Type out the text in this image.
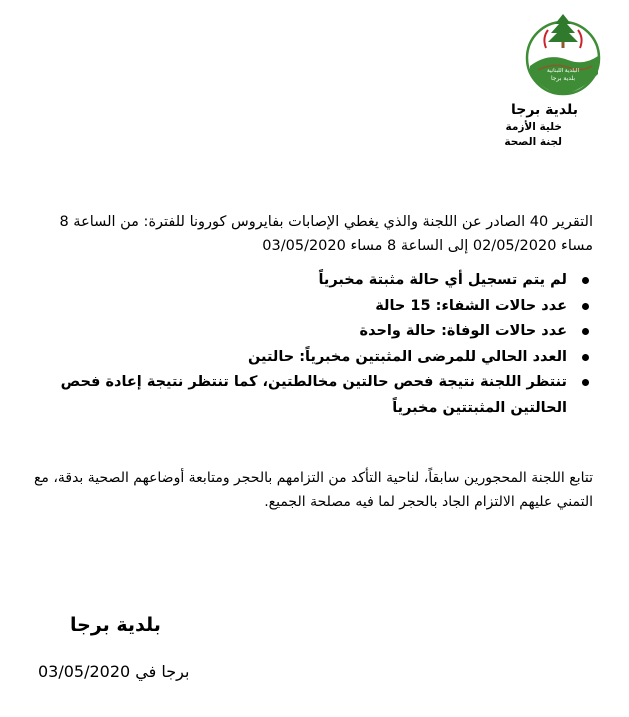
البلدية اللبنانية
بلدية برجا
بلدية برجا
خلية الأزمة
لجنة الصحة
التقرير 40 الصادر عن اللجنة والذي يغطي الإصابات بفايروس كورونا للفترة: من الساعة 8
مساء 02/05/2020 إلى الساعة 8 مساء 03/05/2020
لم يتم تسجيل أي حالة مثبتة مخبرياً
عدد حالات الشفاء: 15 حالة
عدد حالات الوفاة: حالة واحدة
العدد الحالي للمرضى المثبتين مخبرياً: حالتين
تنتظر اللجنة نتيجة فحص حالتين مخالطتين، كما تنتظر نتيجة إعادة فحص الحالتين المثبتتين مخبرياً
تتابع اللجنة المحجورين سابقاً، لناحية التأكد من التزامهم بالحجر ومتابعة أوضاعهم الصحية بدقة، مع التمني عليهم الالتزام الجاد بالحجر لما فيه مصلحة الجميع.
بلدية برجا
برجا في 03/05/2020
